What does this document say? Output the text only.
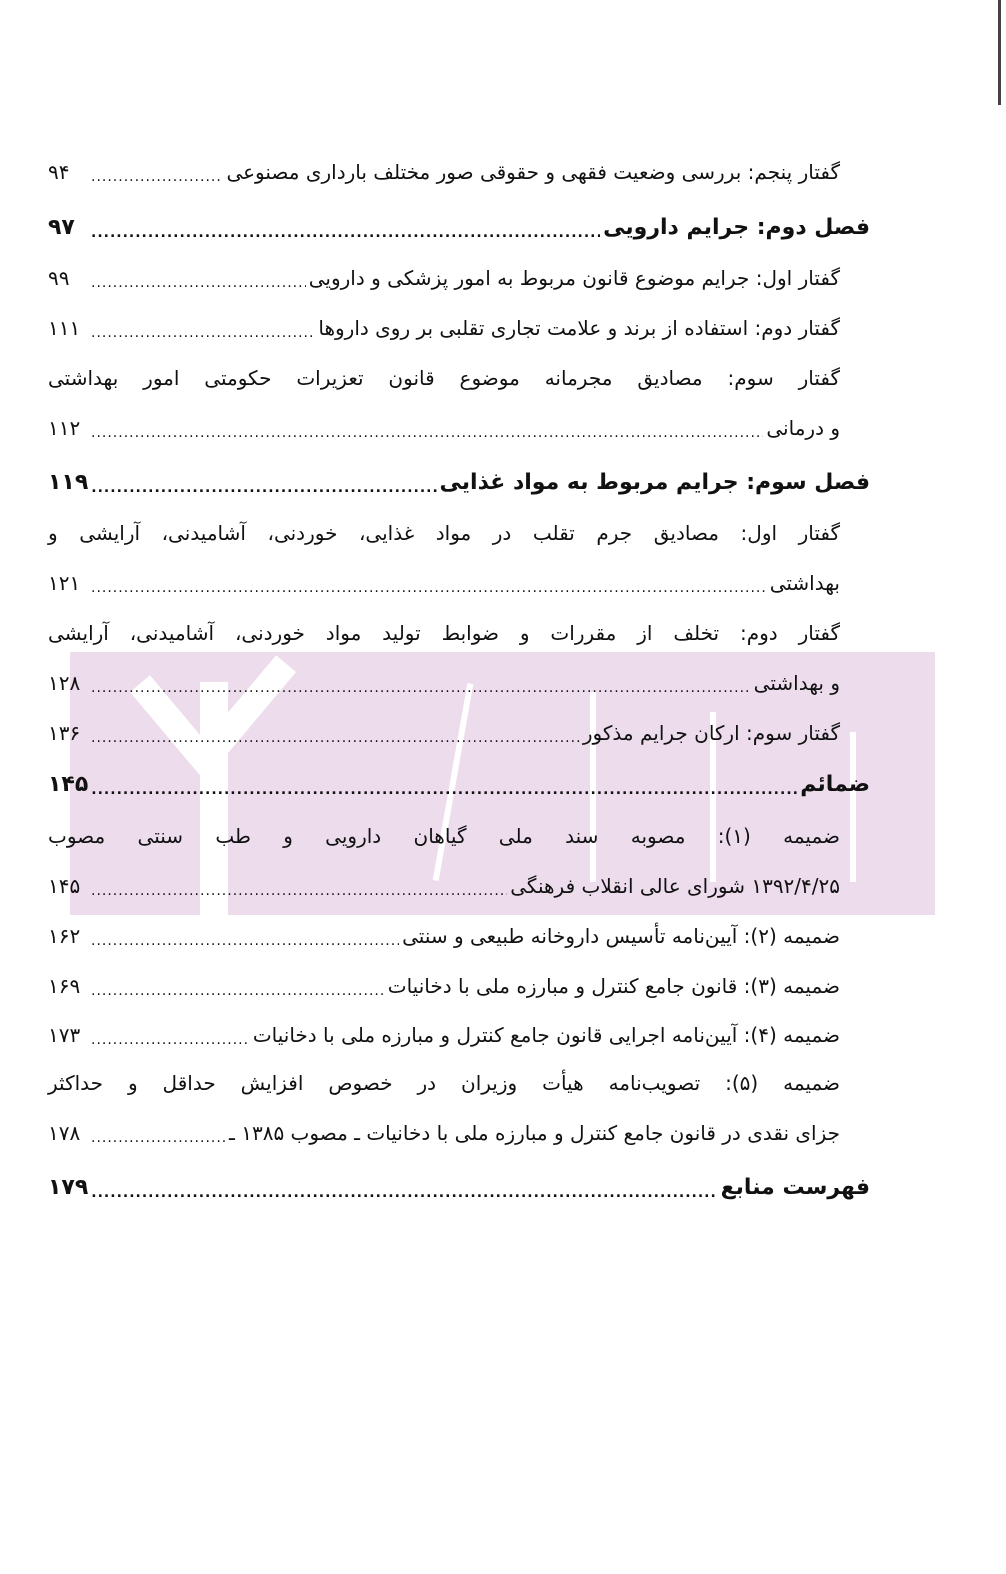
گفتار پنجم: بررسی وضعیت فقهی و حقوقی صور مختلف بارداری مصنوعی
.....
۹۴
فصل دوم: جرایم دارویی
.....
۹۷
گفتار اول: جرایم موضوع قانون مربوط به امور پزشکی و دارویی
.....
۹۹
گفتار دوم: استفاده از برند و علامت تجاری تقلبی بر روی داروها
.....
۱۱۱
گفتار سوم: مصادیق مجرمانه موضوع قانون تعزیرات حکومتی امور بهداشتی
و درمانی
.....
۱۱۲
فصل سوم: جرایم مربوط به مواد غذایی
.....
۱۱۹
گفتار اول: مصادیق جرم تقلب در مواد غذایی، خوردنی، آشامیدنی، آرایشی و
بهداشتی
.....
۱۲۱
گفتار دوم: تخلف از مقررات و ضوابط تولید مواد خوردنی، آشامیدنی، آرایشی
و بهداشتی
.....
۱۲۸
گفتار سوم: ارکان جرایم مذکور
.....
۱۳۶
ضمائم
.....
۱۴۵
ضمیمه (۱): مصوبه سند ملی گیاهان دارویی و طب سنتی مصوب
۱۳۹۲/۴/۲۵ شورای عالی انقلاب فرهنگی
.....
۱۴۵
ضمیمه (۲): آیین‌نامه تأسیس داروخانه طبیعی و سنتی
.....
۱۶۲
ضمیمه (۳): قانون جامع کنترل و مبارزه ملی با دخانیات
.....
۱۶۹
ضمیمه (۴): آیین‌نامه اجرایی قانون جامع کنترل و مبارزه ملی با دخانیات
.....
۱۷۳
ضمیمه (۵): تصویب‌نامه هیأت وزیران در خصوص افزایش حداقل و حداکثر
جزای نقدی در قانون جامع کنترل و مبارزه ملی با دخانیات ـ مصوب ۱۳۸۵ ـ
.....
۱۷۸
فهرست منابع
.....
۱۷۹
